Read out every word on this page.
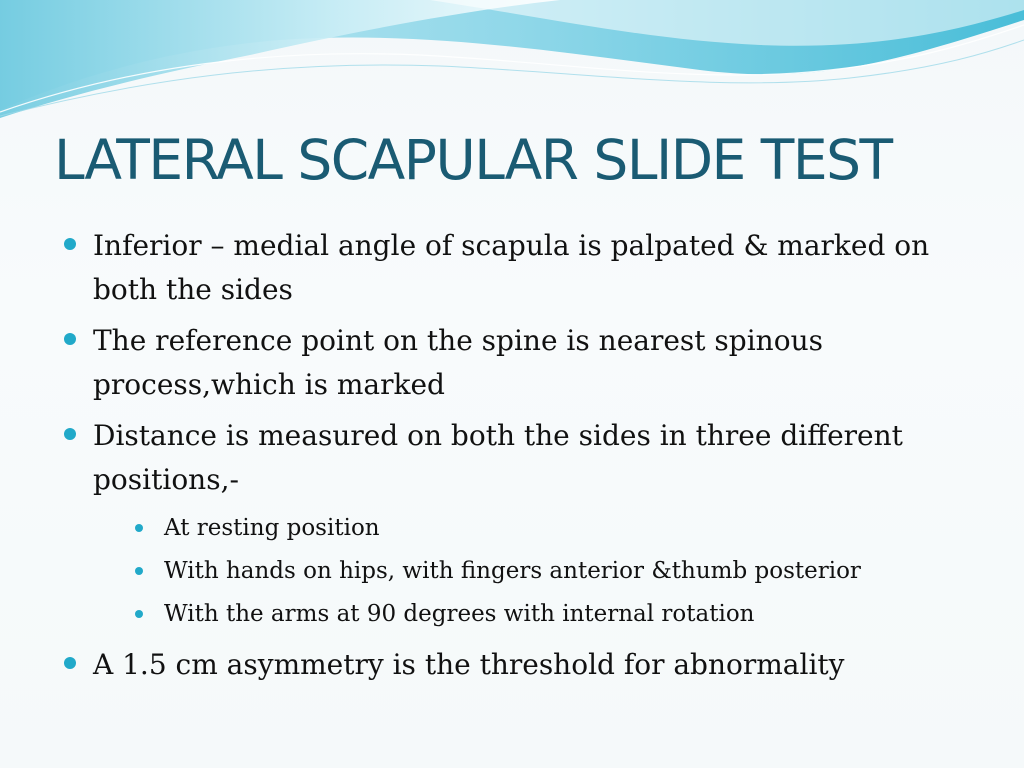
LATERAL SCAPULAR SLIDE TEST
Inferior – medial angle of scapula is palpated & marked on both the sides
The reference point on the spine is nearest spinous process,which is marked
Distance is measured on both the sides in three different positions,-
At resting position
With hands on hips, with fingers anterior &thumb posterior
With the arms at 90 degrees with internal rotation
A 1.5 cm asymmetry is the threshold for abnormality
